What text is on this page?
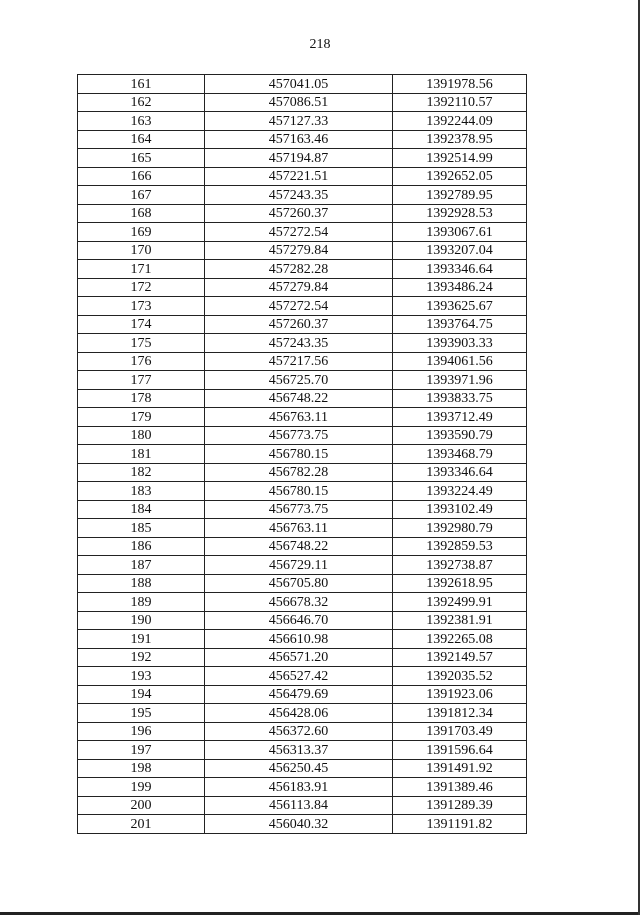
218
161	457041.05	1391978.56
162	457086.51	1392110.57
163	457127.33	1392244.09
164	457163.46	1392378.95
165	457194.87	1392514.99
166	457221.51	1392652.05
167	457243.35	1392789.95
168	457260.37	1392928.53
169	457272.54	1393067.61
170	457279.84	1393207.04
171	457282.28	1393346.64
172	457279.84	1393486.24
173	457272.54	1393625.67
174	457260.37	1393764.75
175	457243.35	1393903.33
176	457217.56	1394061.56
177	456725.70	1393971.96
178	456748.22	1393833.75
179	456763.11	1393712.49
180	456773.75	1393590.79
181	456780.15	1393468.79
182	456782.28	1393346.64
183	456780.15	1393224.49
184	456773.75	1393102.49
185	456763.11	1392980.79
186	456748.22	1392859.53
187	456729.11	1392738.87
188	456705.80	1392618.95
189	456678.32	1392499.91
190	456646.70	1392381.91
191	456610.98	1392265.08
192	456571.20	1392149.57
193	456527.42	1392035.52
194	456479.69	1391923.06
195	456428.06	1391812.34
196	456372.60	1391703.49
197	456313.37	1391596.64
198	456250.45	1391491.92
199	456183.91	1391389.46
200	456113.84	1391289.39
201	456040.32	1391191.82
